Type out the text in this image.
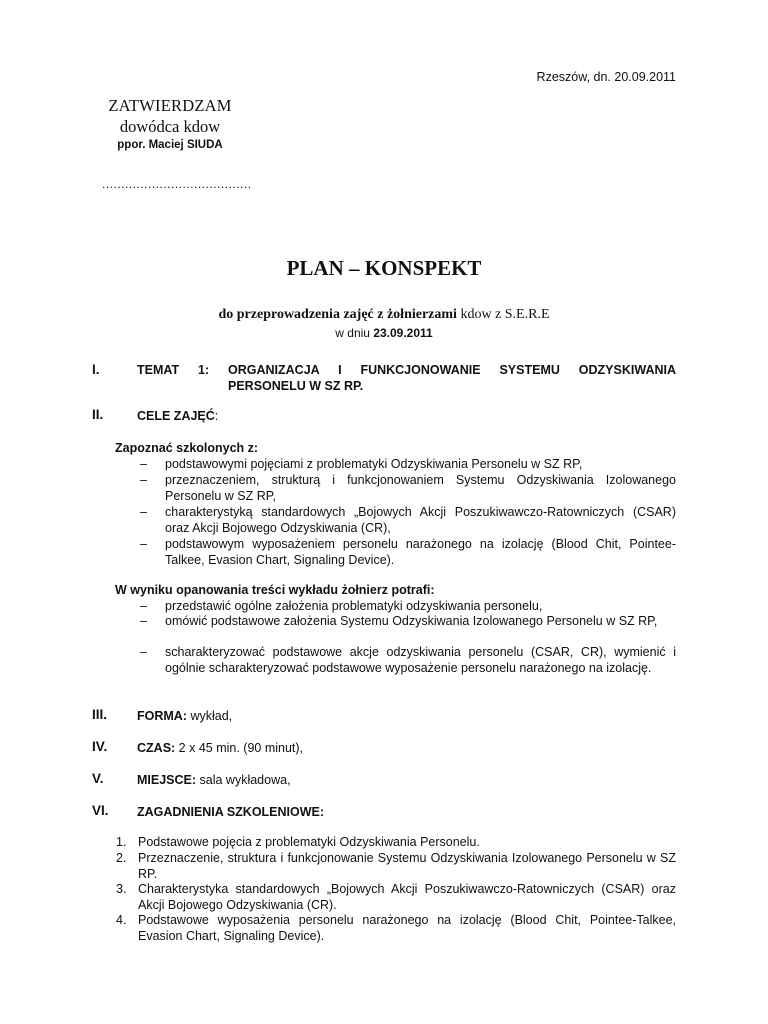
Rzeszów, dn. 20.09.2011
ZATWIERDZAM
dowódca kdow
ppor. Maciej SIUDA
.......................................
PLAN – KONSPEKT
do przeprowadzenia zajęć z żołnierzami kdow z S.E.R.E
w dniu 23.09.2011
I.	TEMAT 1: ORGANIZACJA I FUNKCJONOWANIE SYSTEMU ODZYSKIWANIA
PERSONELU W SZ RP.
II.	CELE ZAJĘĆ:
Zapoznać szkolonych z:
– podstawowymi pojęciami z problematyki Odzyskiwania Personelu w SZ RP,
– przeznaczeniem, strukturą i funkcjonowaniem Systemu Odzyskiwania Izolowanego Personelu w SZ RP,
– charakterystyką standardowych „Bojowych Akcji Poszukiwawczo-Ratowniczych (CSAR) oraz Akcji Bojowego Odzyskiwania (CR),
– podstawowym wyposażeniem personelu narażonego na izolację (Blood Chit, Pointee-Talkee, Evasion Chart, Signaling Device).
W wyniku opanowania treści wykładu żołnierz potrafi:
– przedstawić ogólne założenia problematyki odzyskiwania personelu,
– omówić podstawowe założenia Systemu Odzyskiwania Izolowanego Personelu w SZ RP,
– scharakteryzować podstawowe akcje odzyskiwania personelu (CSAR, CR), wymienić i ogólnie scharakteryzować podstawowe wyposażenie personelu narażonego na izolację.
III. FORMA: wykład,
IV. CZAS: 2 x 45 min. (90 minut),
V.	MIEJSCE: sala wykładowa,
VI. ZAGADNIENIA SZKOLENIOWE:
1. Podstawowe pojęcia z problematyki Odzyskiwania Personelu.
2. Przeznaczenie, struktura i funkcjonowanie Systemu Odzyskiwania Izolowanego Personelu w SZ RP.
3. Charakterystyka standardowych „Bojowych Akcji Poszukiwawczo-Ratowniczych (CSAR) oraz Akcji Bojowego Odzyskiwania (CR).
4. Podstawowe wyposażenia personelu narażonego na izolację (Blood Chit, Pointee-Talkee, Evasion Chart, Signaling Device).
